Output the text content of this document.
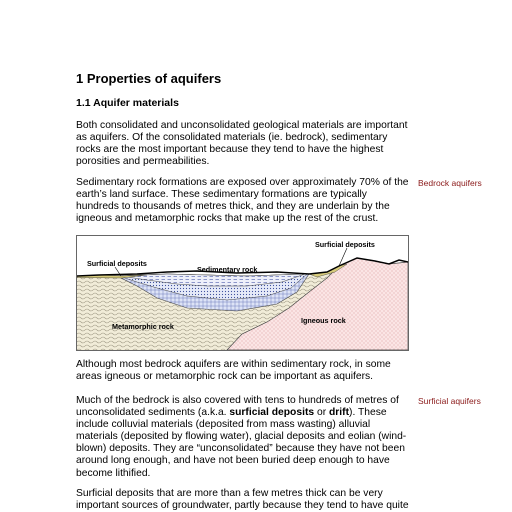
1 Properties of aquifers
1.1 Aquifer materials

Both consolidated and unconsolidated geological materials are important as aquifers. Of the consolidated materials (ie. bedrock), sedimentary rocks are the most important because they tend to have the highest porosities and permeabilities.

Sedimentary rock formations are exposed over approximately 70% of the earth’s land surface. These sedimentary formations are typically hundreds to thousands of metres thick, and they are underlain by the igneous and metamorphic rocks that make up the rest of the crust.

Bedrock aquifers
Surficial deposits
Surficial deposits
Sedimentary rock
Metamorphic rock
Igneous rock

Although most bedrock aquifers are within sedimentary rock, in some areas igneous or metamorphic rock can be important as aquifers.

Much of the bedrock is also covered with tens to hundreds of metres of unconsolidated sediments (a.k.a. surficial deposits or drift). These include colluvial materials (deposited from mass wasting) alluvial materials (deposited by flowing water), glacial deposits and eolian (wind-blown) deposits. They are “unconsolidated” because they have not been around long enough, and have not been buried deep enough to have become lithified.

Surficial aquifers

Surficial deposits that are more than a few metres thick can be very important sources of groundwater, partly because they tend to have quite
